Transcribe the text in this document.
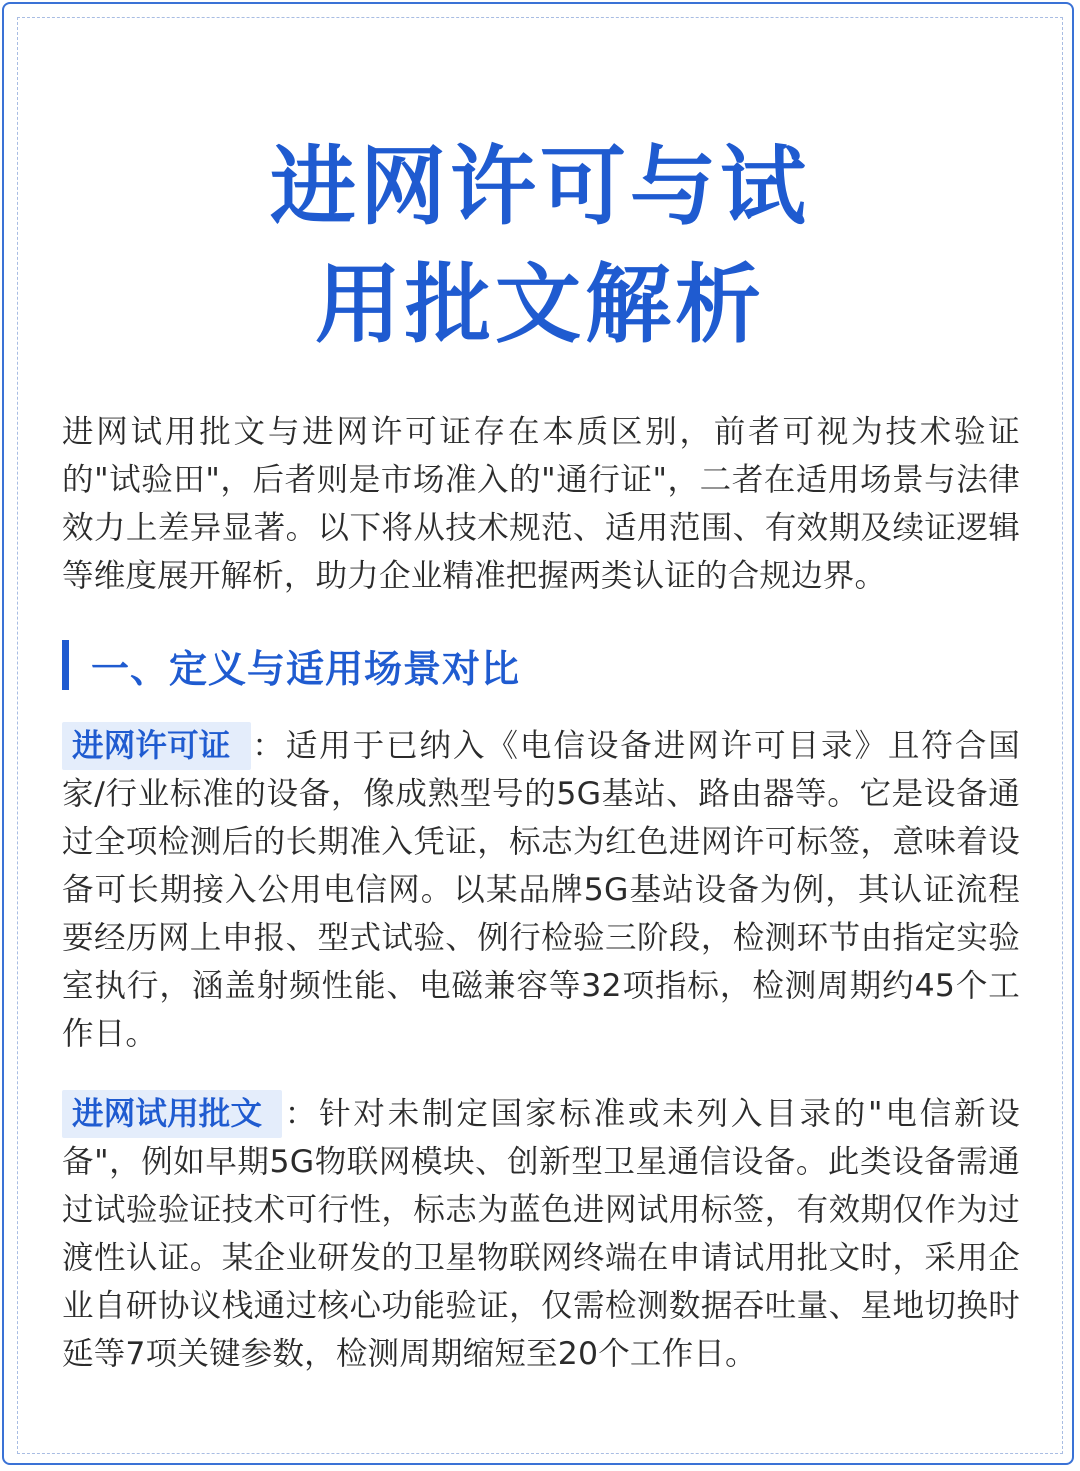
进网许可与试
用批文解析

进网试用批文与进网许可证存在本质区别，前者可视为技术验证的"试验田"，后者则是市场准入的"通行证"，二者在适用场景与法律效力上差异显著。以下将从技术规范、适用范围、有效期及续证逻辑等维度展开解析，助力企业精准把握两类认证的合规边界。

一、定义与适用场景对比

进网许可证 ：适用于已纳入《电信设备进网许可目录》且符合国家/行业标准的设备，像成熟型号的5G基站、路由器等。它是设备通过全项检测后的长期准入凭证，标志为红色进网许可标签，意味着设备可长期接入公用电信网。以某品牌5G基站设备为例，其认证流程要经历网上申报、型式试验、例行检验三阶段，检测环节由指定实验室执行，涵盖射频性能、电磁兼容等32项指标，检测周期约45个工作日。

进网试用批文 ：针对未制定国家标准或未列入目录的"电信新设备"，例如早期5G物联网模块、创新型卫星通信设备。此类设备需通过试验验证技术可行性，标志为蓝色进网试用标签，有效期仅作为过渡性认证。某企业研发的卫星物联网终端在申请试用批文时，采用企业自研协议栈通过核心功能验证，仅需检测数据吞吐量、星地切换时延等7项关键参数，检测周期缩短至20个工作日。
